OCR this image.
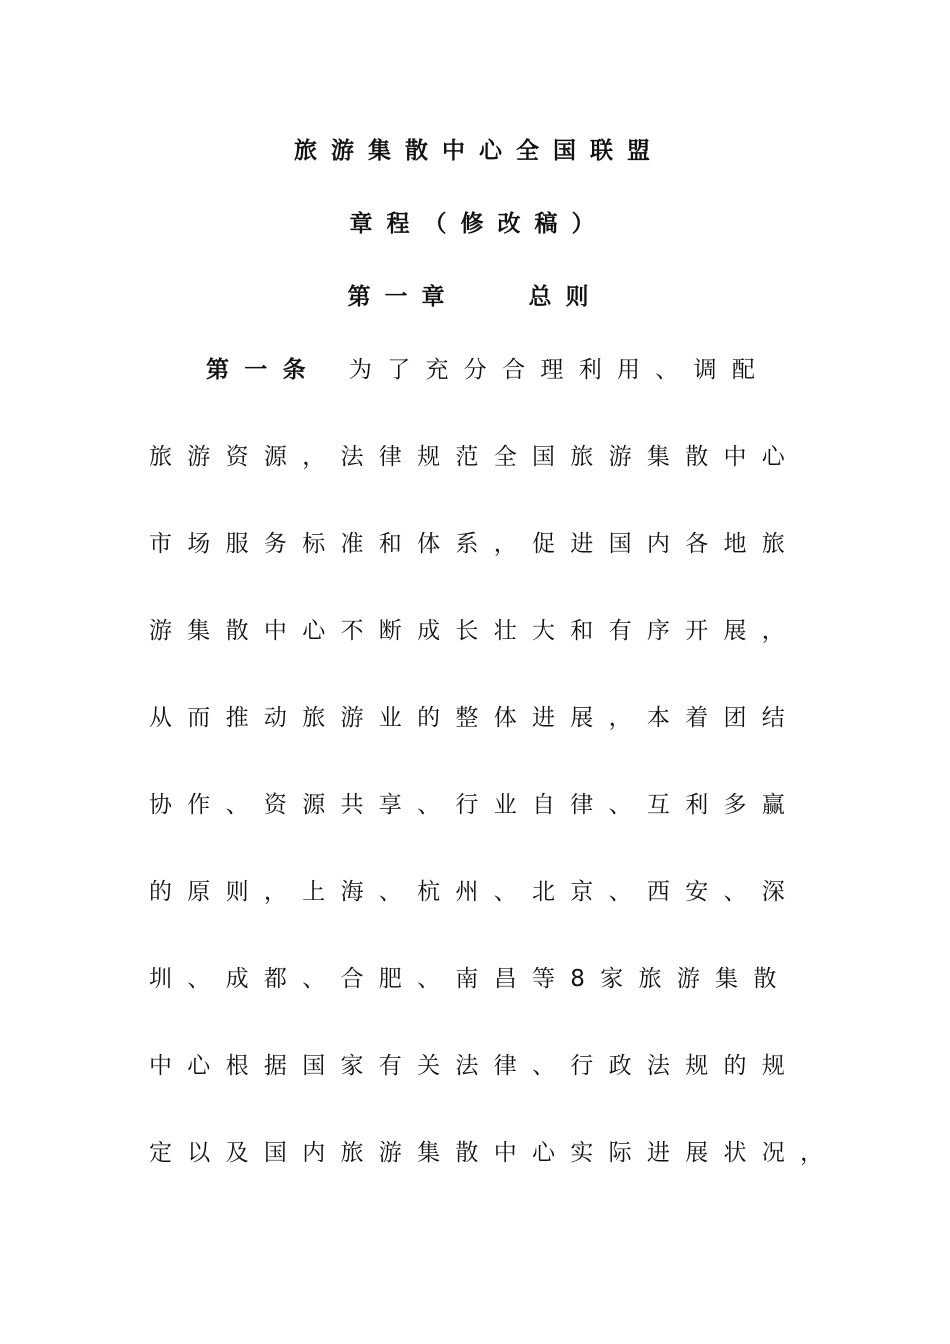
旅游集散中心全国联盟
章程（修改稿）
第一章	总则
第一条 为了充分合理利用、调配
旅游资源，法律规范全国旅游集散中心
市场服务标准和体系，促进国内各地旅
游集散中心不断成长壮大和有序开展，
从而推动旅游业的整体进展，本着团结
协作、资源共享、行业自律、互利多赢
的原则，上海、杭州、北京、西安、深
圳、成都、合肥、南昌等8家旅游集散
中心根据国家有关法律、行政法规的规
定以及国内旅游集散中心实际进展状况，
